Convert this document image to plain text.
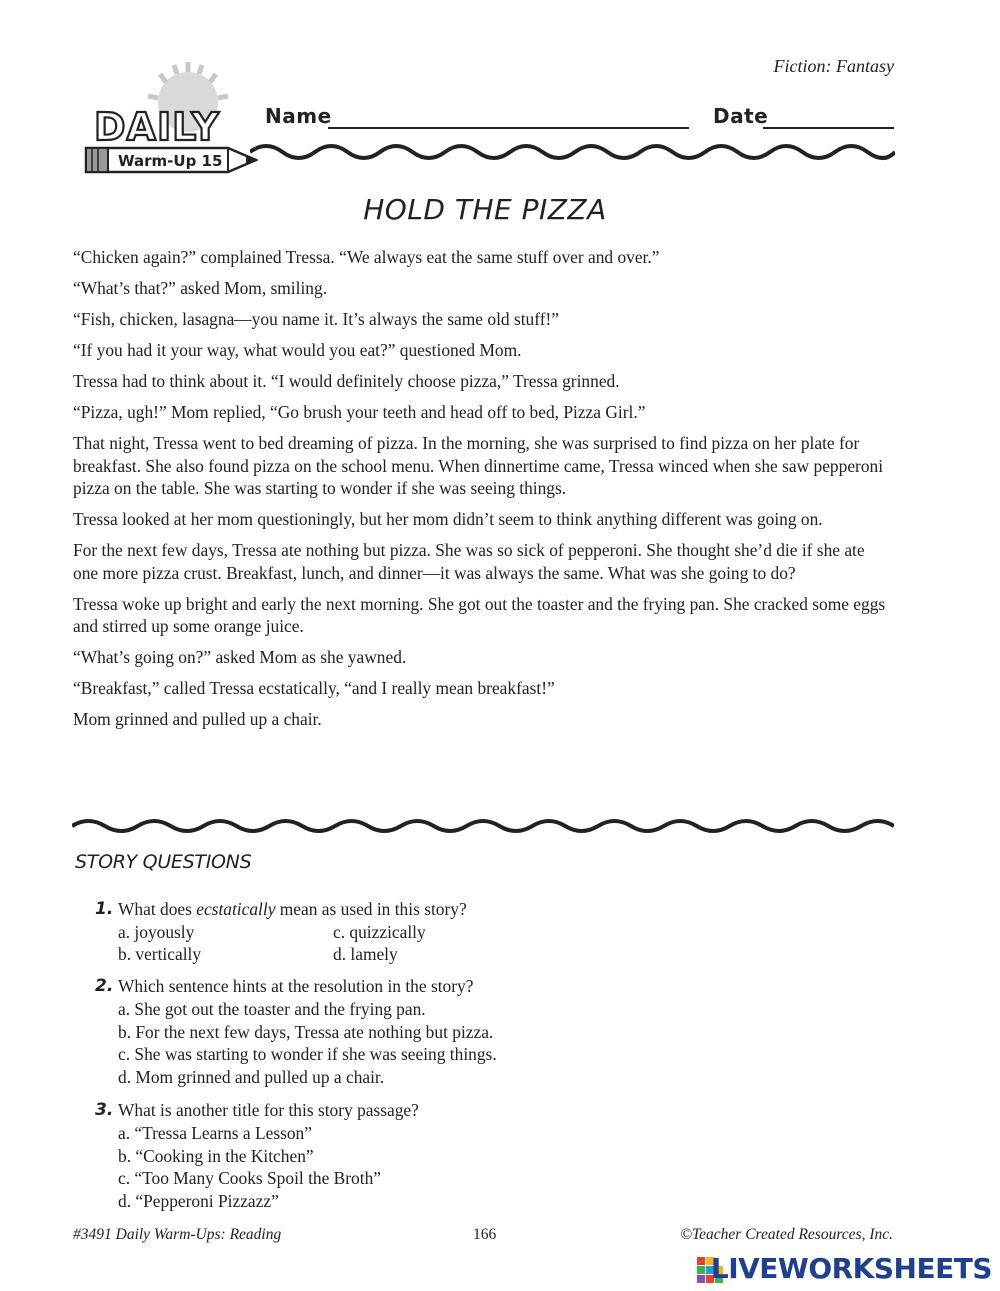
Fiction: Fantasy
DAILY
Warm-Up 15
Name	Date
HOLD THE PIZZA

“Chicken again?” complained Tressa. “We always eat the same stuff over and over.”

“What’s that?” asked Mom, smiling.

“Fish, chicken, lasagna—you name it. It’s always the same old stuff!”

“If you had it your way, what would you eat?” questioned Mom.

Tressa had to think about it. “I would definitely choose pizza,” Tressa grinned.

“Pizza, ugh!” Mom replied, “Go brush your teeth and head off to bed, Pizza Girl.”

That night, Tressa went to bed dreaming of pizza. In the morning, she was surprised to find pizza on her plate for breakfast. She also found pizza on the school menu. When dinnertime came, Tressa winced when she saw pepperoni pizza on the table. She was starting to wonder if she was seeing things.

Tressa looked at her mom questioningly, but her mom didn’t seem to think anything different was going on.

For the next few days, Tressa ate nothing but pizza. She was so sick of pepperoni. She thought she’d die if she ate one more pizza crust. Breakfast, lunch, and dinner—it was always the same. What was she going to do?

Tressa woke up bright and early the next morning. She got out the toaster and the frying pan. She cracked some eggs and stirred up some orange juice.

“What’s going on?” asked Mom as she yawned.

“Breakfast,” called Tressa ecstatically, “and I really mean breakfast!”

Mom grinned and pulled up a chair.

STORY QUESTIONS
1. What does ecstatically mean as used in this story?
a. joyously	c. quizzically
b. vertically	d. lamely
2. Which sentence hints at the resolution in the story?
a. She got out the toaster and the frying pan.
b. For the next few days, Tressa ate nothing but pizza.
c. She was starting to wonder if she was seeing things.
d. Mom grinned and pulled up a chair.
3. What is another title for this story passage?
a. “Tressa Learns a Lesson”
b. “Cooking in the Kitchen”
c. “Too Many Cooks Spoil the Broth”
d. “Pepperoni Pizzazz”
#3491 Daily Warm-Ups: Reading	166	©Teacher Created Resources, Inc.
LIVEWORKSHEETS
